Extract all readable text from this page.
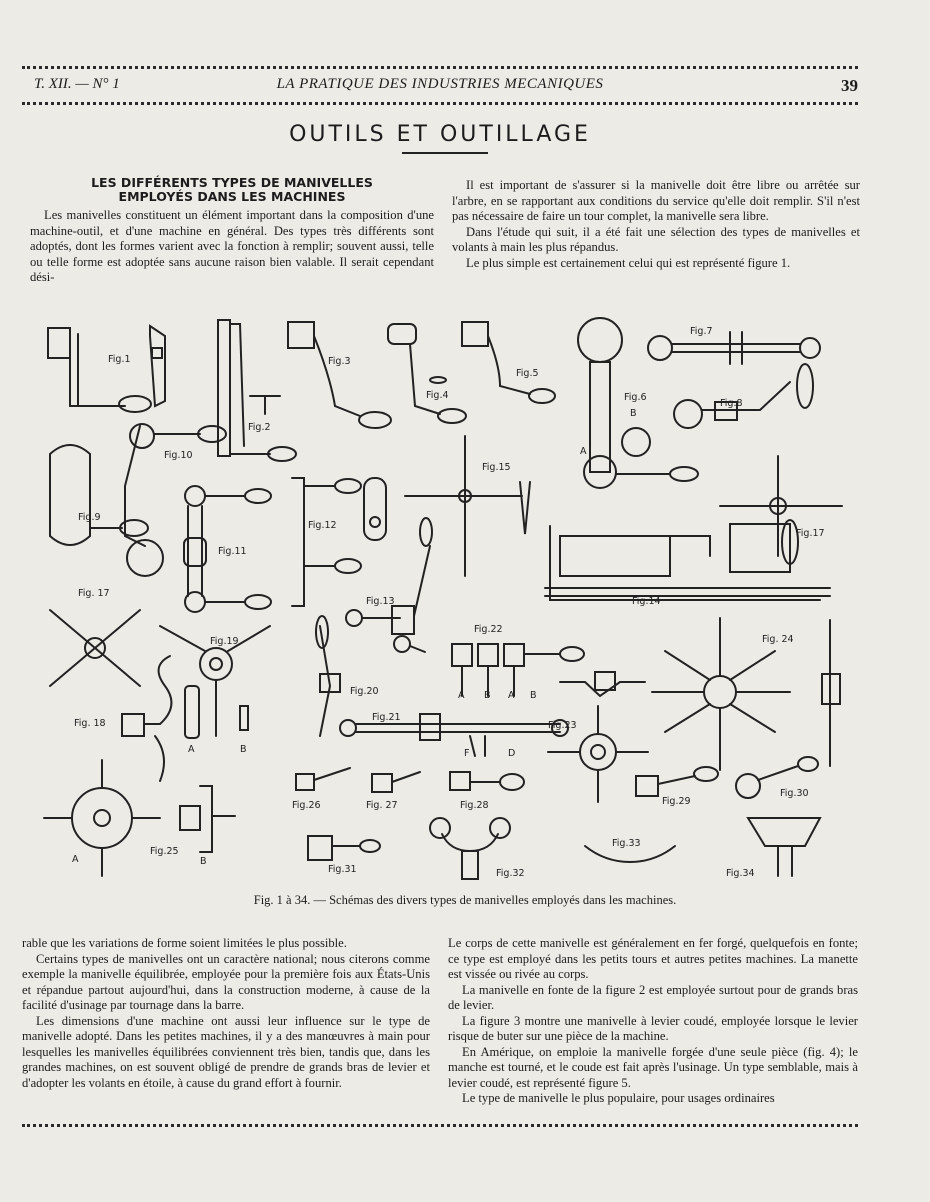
T. XII. — N° 1	LA PRATIQUE DES INDUSTRIES MECANIQUES	39
OUTILS ET OUTILLAGE
LES DIFFÉRENTS TYPES DE MANIVELLES
EMPLOYÉS DANS LES MACHINES

Les manivelles constituent un élément important dans la composition d'une machine-outil, et d'une machine en général. Des types très différents sont adoptés, dont les formes varient avec la fonction à remplir; souvent aussi, telle ou telle forme est adoptée sans aucune raison bien valable. Il serait cependant dési-

Il est important de s'assurer si la manivelle doit être libre ou arrêtée sur l'arbre, en se rapportant aux conditions du service qu'elle doit remplir. S'il n'est pas nécessaire de faire un tour complet, la manivelle sera libre.

Dans l'étude qui suit, il a été fait une sélection des types de manivelles et volants à main les plus répandus.

Le plus simple est certainement celui qui est représenté figure 1.

Fig.1
Fig.2
Fig.3
Fig.4
Fig.5
Fig.6
Fig.7
Fig.8
Fig.9
Fig.10
Fig.11
Fig.12
Fig.13	Fig.14
Fig.15
Fig.17
Fig. 17
Fig. 18
Fig.19
Fig.20
Fig.21
Fig.22
Fig.23
Fig. 24
Fig.25
Fig.26	Fig. 27	Fig.28	Fig.29
Fig.30
Fig.31	Fig.32
Fig.33
Fig.34
A
B
A	B
A B A B
F	D
A	B
Fig. 1 à 34. — Schémas des divers types de manivelles employés dans les machines.

rable que les variations de forme soient limitées le plus possible.

Certains types de manivelles ont un caractère national; nous citerons comme exemple la manivelle équilibrée, employée pour la première fois aux États-Unis et répandue partout aujourd'hui, dans la construction moderne, à cause de la facilité d'usinage par tournage dans la barre.

Les dimensions d'une machine ont aussi leur influence sur le type de manivelle adopté. Dans les petites machines, il y a des manœuvres à main pour lesquelles les manivelles équilibrées conviennent très bien, tandis que, dans les grandes machines, on est souvent obligé de prendre de grands bras de levier et d'adopter les volants en étoile, à cause du grand effort à fournir.

Le corps de cette manivelle est généralement en fer forgé, quelquefois en fonte; ce type est employé dans les petits tours et autres petites machines. La manette est vissée ou rivée au corps.

La manivelle en fonte de la figure 2 est employée surtout pour de grands bras de levier.

La figure 3 montre une manivelle à levier coudé, employée lorsque le levier risque de buter sur une pièce de la machine.

En Amérique, on emploie la manivelle forgée d'une seule pièce (fig. 4); le manche est tourné, et le coude est fait après l'usinage. Un type semblable, mais à levier coudé, est représenté figure 5.

Le type de manivelle le plus populaire, pour usages ordinaires
